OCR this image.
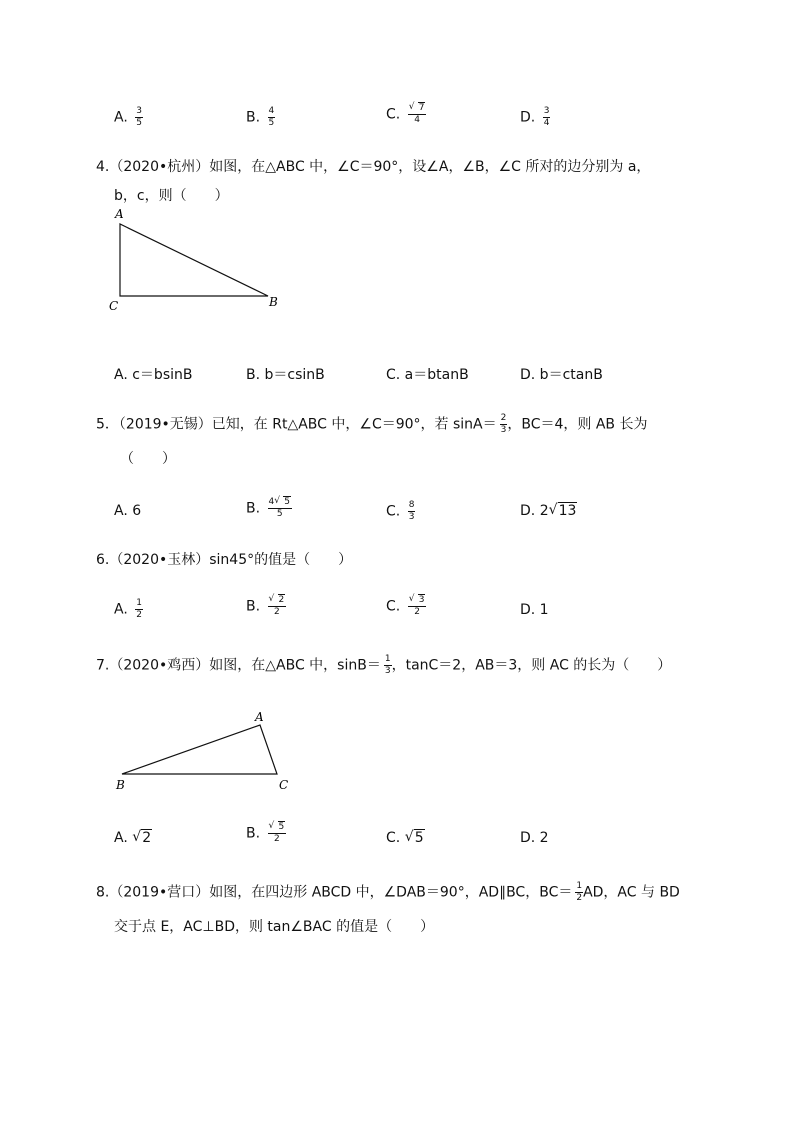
A. $\frac{3}{5}$	B. $\frac{4}{5}$	C. √ $\frac{7}{4}$	D. $\frac{3}{4}$
4.（2020•杭州）如图，在△ABC 中，∠C＝90°，设∠A，∠B，∠C 所对的边分别为 a，
b，c，则（　　）
A
C	B
A. c＝bsinB	B. b＝csinB	C. a＝btanB	D. b＝ctanB
5．（2019•无锡）已知，在 Rt△ABC 中，∠C＝90°，若 $\sin A= \frac{2}{3}$ ，BC＝4，则 AB 长为
（　　）
A. 6	B. $\frac{4 √ 5}{5}$	C. $\frac{8}{3}$	D. 2 √ 13
6.（2020•玉林）sin45°的值是（　　）
A. $\frac{1}{2}$	B. √ $\frac{2}{2}$	C. √ $\frac{3}{2}$	D. 1
7.（2020•鸡西）如图，在△ABC 中，$\sin B= \frac{1}{3}$ ，tanC＝2，AB＝3，则 AC 的长为（　　）
A
B	C
A. √ 2	B. √ $\frac{5}{2}$	C. √ 5	D. 2
8.（2019•营口）如图，在四边形 ABCD 中，∠DAB＝90°，AD∥BC，$BC= \frac{1}{2}$ AD，AC 与 BD
交于点 E，AC⊥BD，则 tan∠BAC 的值是（　　）
